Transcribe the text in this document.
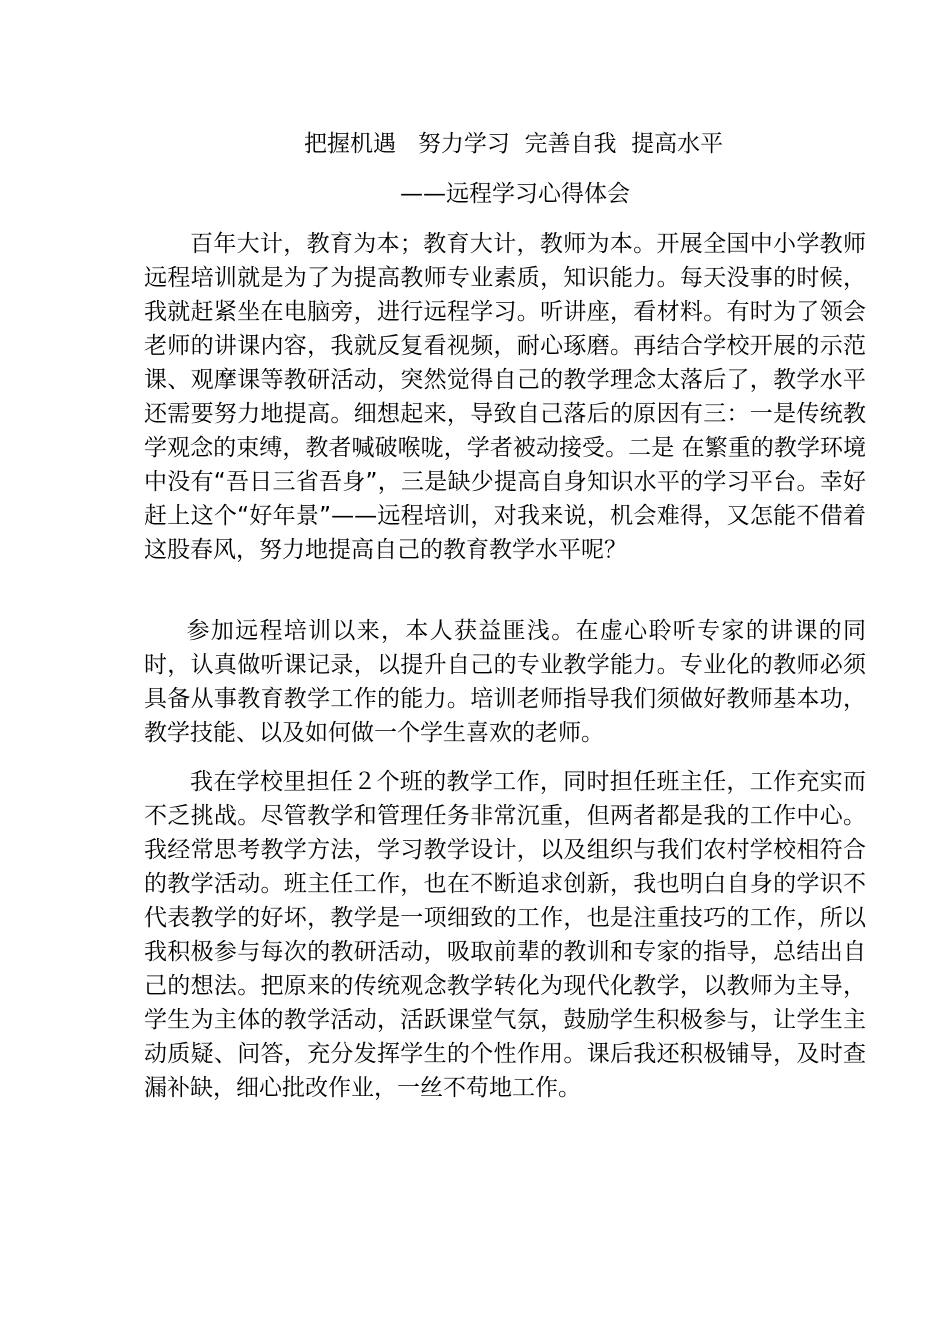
把握机遇   努力学习  完善自我  提高水平
——远程学习心得体会

百年大计，教育为本；教育大计，教师为本。开展全国中小学教师远程培训就是为了为提高教师专业素质，知识能力。每天没事的时候，我就赶紧坐在电脑旁，进行远程学习。听讲座，看材料。有时为了领会老师的讲课内容，我就反复看视频，耐心琢磨。再结合学校开展的示范课、观摩课等教研活动，突然觉得自己的教学理念太落后了，教学水平还需要努力地提高。细想起来，导致自己落后的原因有三：一是传统教学观念的束缚，教者喊破喉咙，学者被动接受。二是 在繁重的教学环境中没有“吾日三省吾身”，三是缺少提高自身知识水平的学习平台。幸好赶上这个“好年景”——远程培训，对我来说，机会难得，又怎能不借着这股春风，努力地提高自己的教育教学水平呢？

参加远程培训以来，本人获益匪浅。在虚心聆听专家的讲课的同时，认真做听课记录，以提升自己的专业教学能力。专业化的教师必须具备从事教育教学工作的能力。培训老师指导我们须做好教师基本功，教学技能、以及如何做一个学生喜欢的老师。

我在学校里担任２个班的教学工作，同时担任班主任，工作充实而不乏挑战。尽管教学和管理任务非常沉重，但两者都是我的工作中心。我经常思考教学方法，学习教学设计，以及组织与我们农村学校相符合的教学活动。班主任工作，也在不断追求创新，我也明白自身的学识不代表教学的好坏，教学是一项细致的工作，也是注重技巧的工作，所以我积极参与每次的教研活动，吸取前辈的教训和专家的指导，总结出自己的想法。把原来的传统观念教学转化为现代化教学，以教师为主导，学生为主体的教学活动，活跃课堂气氛，鼓励学生积极参与，让学生主动质疑、问答，充分发挥学生的个性作用。课后我还积极铺导，及时查漏补缺，细心批改作业，一丝不苟地工作。
